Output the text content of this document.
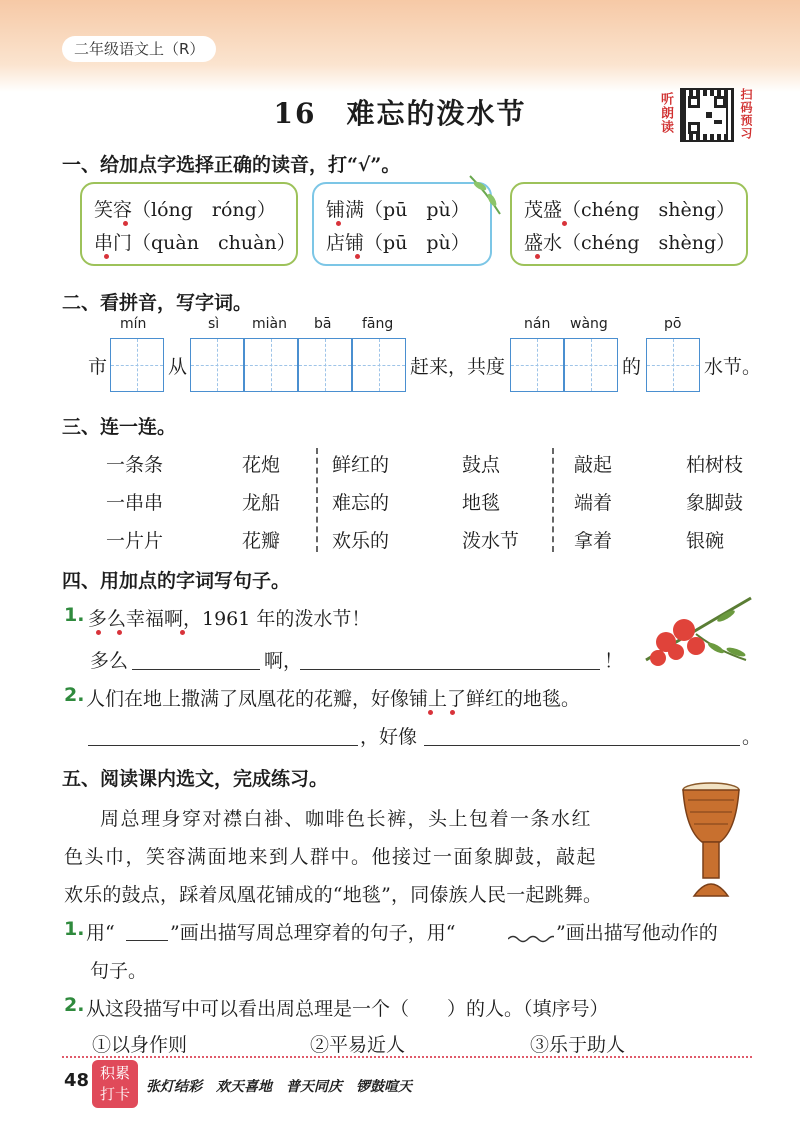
二年级语文上（R）
16　难忘的泼水节	听朗读	扫码预习
一、给加点字选择正确的读音，打“√”。
笑容（lóng　róng）
串门（quàn　chuàn）
铺满（pū　pù）
店铺（pū　pù）
茂盛（chéng　shèng）
盛水（chéng　shèng）
二、看拼音，写字词。
mín	sì miàn bā fāng	nán wàng	pō
市	从	赶来，共度	的	水节。
三、连一连。
一条条	花炮	鲜红的	鼓点	敲起	柏树枝
一串串	龙船	难忘的	地毯	端着	象脚鼓
一片片	花瓣	欢乐的	泼水节	拿着	银碗
四、用加点的字词写句子。
1. 多么幸福啊，1961 年的泼水节！
多么	啊，	！
2. 人们在地上撒满了凤凰花的花瓣，好像铺上了鲜红的地毯。
，好像	。
五、阅读课内选文，完成练习。
周总理身穿对襟白褂、咖啡色长裤，头上包着一条水红
色头巾，笑容满面地来到人群中。他接过一面象脚鼓，敲起
欢乐的鼓点，踩着凤凰花铺成的“地毯”，同傣族人民一起跳舞。
1. 用“	”画出描写周总理穿着的句子，用“	”画出描写他动作的
句子。
2. 从这段描写中可以看出周总理是一个（　　）的人。（填序号）
①以身作则	②平易近人	③乐于助人
48 积累
打卡	张灯结彩　欢天喜地　普天同庆　锣鼓喧天
